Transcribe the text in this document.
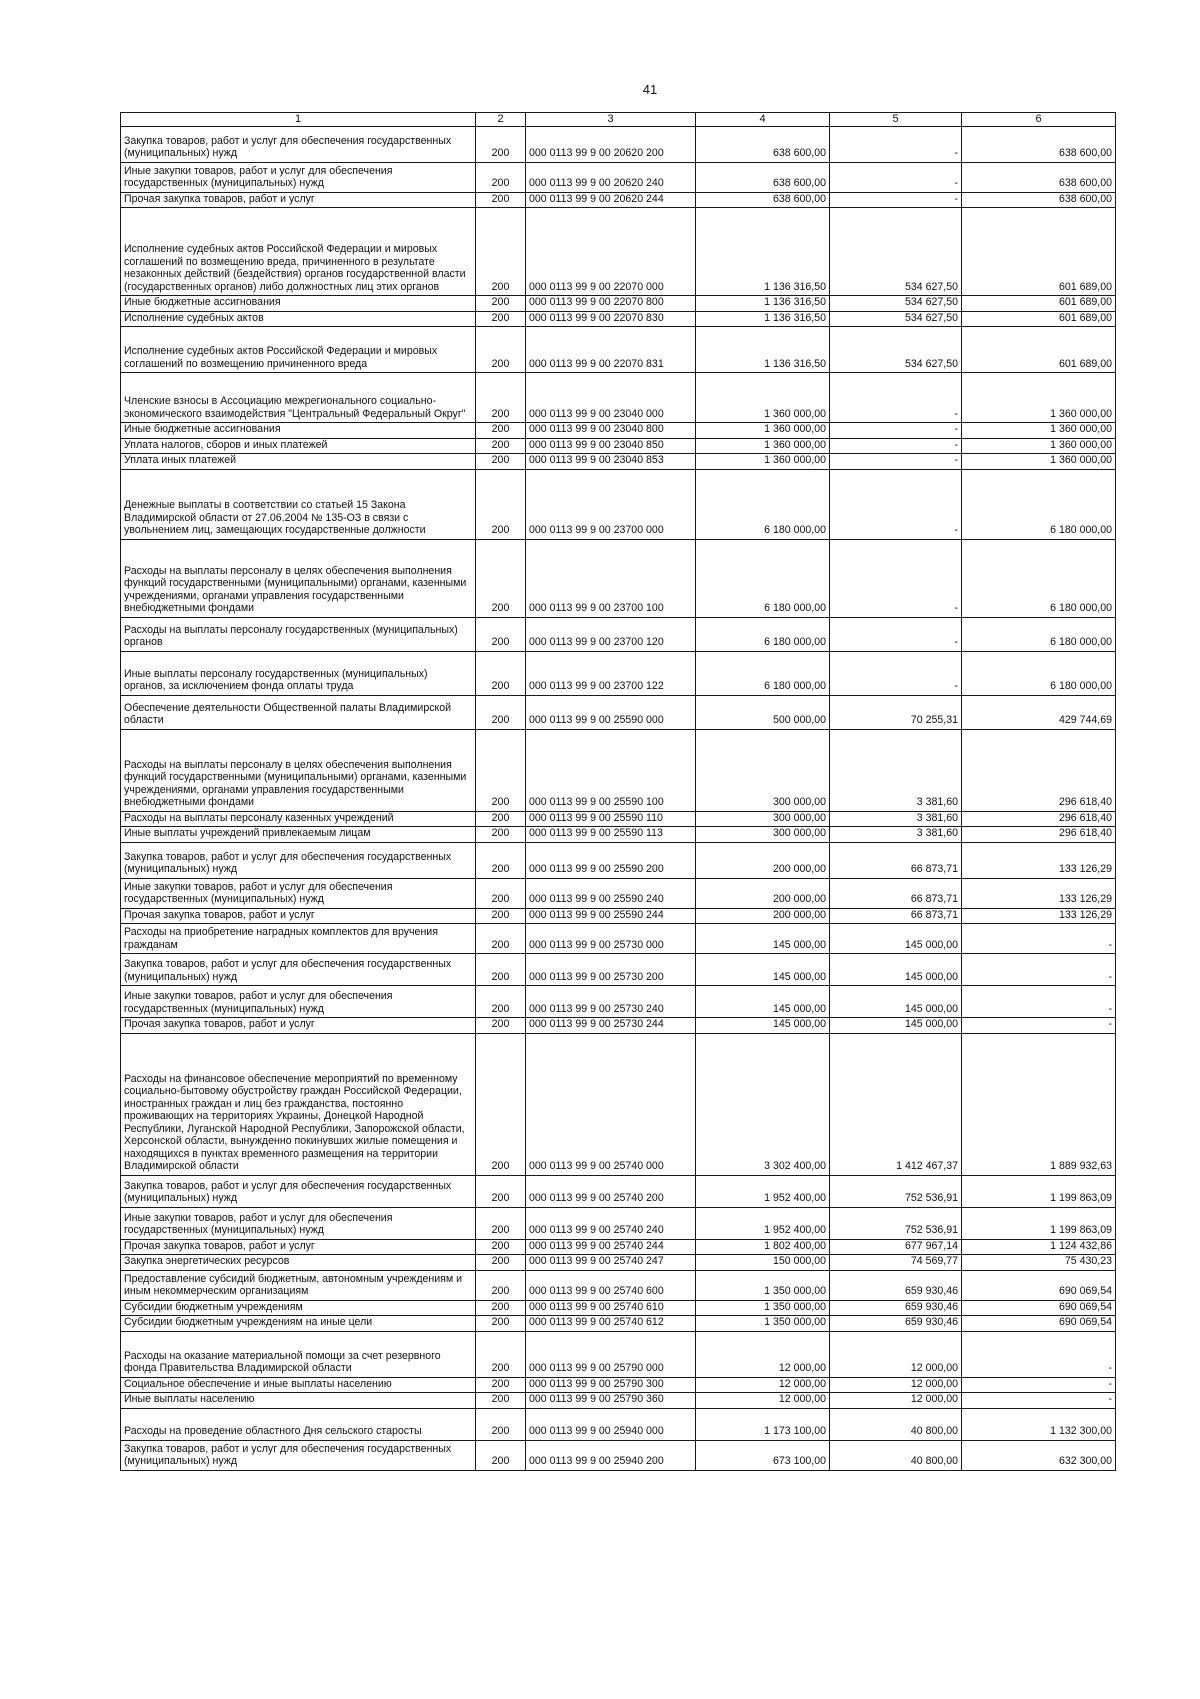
41
1	2	3	4	5	6
Закупка товаров, работ и услуг для обеспечения государственных (муниципальных) нужд	200	000 0113 99 9 00 20620 200	638 600,00	-	638 600,00
Иные закупки товаров, работ и услуг для обеспечения государственных (муниципальных) нужд	200	000 0113 99 9 00 20620 240	638 600,00	-	638 600,00
Прочая закупка товаров, работ и услуг	200	000 0113 99 9 00 20620 244	638 600,00	-	638 600,00
Исполнение судебных актов Российской Федерации и мировых соглашений по возмещению вреда, причиненного в результате незаконных действий (бездействия) органов государственной власти (государственных органов) либо должностных лиц этих органов	200	000 0113 99 9 00 22070 000	1 136 316,50	534 627,50	601 689,00
Иные бюджетные ассигнования	200	000 0113 99 9 00 22070 800	1 136 316,50	534 627,50	601 689,00
Исполнение судебных актов	200	000 0113 99 9 00 22070 830	1 136 316,50	534 627,50	601 689,00
Исполнение судебных актов Российской Федерации и мировых соглашений по возмещению причиненного вреда	200	000 0113 99 9 00 22070 831	1 136 316,50	534 627,50	601 689,00
Членские взносы в Ассоциацию межрегионального социально-экономического взаимодействия "Центральный Федеральный Округ"	200	000 0113 99 9 00 23040 000	1 360 000,00	-	1 360 000,00
Иные бюджетные ассигнования	200	000 0113 99 9 00 23040 800	1 360 000,00	-	1 360 000,00
Уплата налогов, сборов и иных платежей	200	000 0113 99 9 00 23040 850	1 360 000,00	-	1 360 000,00
Уплата иных платежей	200	000 0113 99 9 00 23040 853	1 360 000,00	-	1 360 000,00
Денежные выплаты в соответствии со статьей 15 Закона Владимирской области от 27.06.2004 № 135-ОЗ в связи с увольнением лиц, замещающих государственные должности	200	000 0113 99 9 00 23700 000	6 180 000,00	-	6 180 000,00
Расходы на выплаты персоналу в целях обеспечения выполнения функций государственными (муниципальными) органами, казенными учреждениями, органами управления государственными внебюджетными фондами	200	000 0113 99 9 00 23700 100	6 180 000,00	-	6 180 000,00
Расходы на выплаты персоналу государственных (муниципальных) органов	200	000 0113 99 9 00 23700 120	6 180 000,00	-	6 180 000,00
Иные выплаты персоналу государственных (муниципальных) органов, за исключением фонда оплаты труда	200	000 0113 99 9 00 23700 122	6 180 000,00	-	6 180 000,00
Обеспечение деятельности Общественной палаты Владимирской области	200	000 0113 99 9 00 25590 000	500 000,00	70 255,31	429 744,69
Расходы на выплаты персоналу в целях обеспечения выполнения функций государственными (муниципальными) органами, казенными учреждениями, органами управления государственными внебюджетными фондами	200	000 0113 99 9 00 25590 100	300 000,00	3 381,60	296 618,40
Расходы на выплаты персоналу казенных учреждений	200	000 0113 99 9 00 25590 110	300 000,00	3 381,60	296 618,40
Иные выплаты учреждений привлекаемым лицам	200	000 0113 99 9 00 25590 113	300 000,00	3 381,60	296 618,40
Закупка товаров, работ и услуг для обеспечения государственных (муниципальных) нужд	200	000 0113 99 9 00 25590 200	200 000,00	66 873,71	133 126,29
Иные закупки товаров, работ и услуг для обеспечения государственных (муниципальных) нужд	200	000 0113 99 9 00 25590 240	200 000,00	66 873,71	133 126,29
Прочая закупка товаров, работ и услуг	200	000 0113 99 9 00 25590 244	200 000,00	66 873,71	133 126,29
Расходы на приобретение наградных комплектов для вручения гражданам	200	000 0113 99 9 00 25730 000	145 000,00	145 000,00	-
Закупка товаров, работ и услуг для обеспечения государственных (муниципальных) нужд	200	000 0113 99 9 00 25730 200	145 000,00	145 000,00	-
Иные закупки товаров, работ и услуг для обеспечения государственных (муниципальных) нужд	200	000 0113 99 9 00 25730 240	145 000,00	145 000,00	-
Прочая закупка товаров, работ и услуг	200	000 0113 99 9 00 25730 244	145 000,00	145 000,00	-
Расходы на финансовое обеспечение мероприятий по временному социально-бытовому обустройству граждан Российской Федерации, иностранных граждан и лиц без гражданства, постоянно проживающих на территориях Украины, Донецкой Народной Республики, Луганской Народной Республики, Запорожской области, Херсонской области, вынужденно покинувших жилые помещения и находящихся в пунктах временного размещения на территории Владимирской области	200	000 0113 99 9 00 25740 000	3 302 400,00	1 412 467,37	1 889 932,63
Закупка товаров, работ и услуг для обеспечения государственных (муниципальных) нужд	200	000 0113 99 9 00 25740 200	1 952 400,00	752 536,91	1 199 863,09
Иные закупки товаров, работ и услуг для обеспечения государственных (муниципальных) нужд	200	000 0113 99 9 00 25740 240	1 952 400,00	752 536,91	1 199 863,09
Прочая закупка товаров, работ и услуг	200	000 0113 99 9 00 25740 244	1 802 400,00	677 967,14	1 124 432,86
Закупка энергетических ресурсов	200	000 0113 99 9 00 25740 247	150 000,00	74 569,77	75 430,23
Предоставление субсидий бюджетным, автономным учреждениям и иным некоммерческим организациям	200	000 0113 99 9 00 25740 600	1 350 000,00	659 930,46	690 069,54
Субсидии бюджетным учреждениям	200	000 0113 99 9 00 25740 610	1 350 000,00	659 930,46	690 069,54
Субсидии бюджетным учреждениям на иные цели	200	000 0113 99 9 00 25740 612	1 350 000,00	659 930,46	690 069,54
Расходы на оказание материальной помощи за счет резервного фонда Правительства Владимирской области	200	000 0113 99 9 00 25790 000	12 000,00	12 000,00	-
Социальное обеспечение и иные выплаты населению	200	000 0113 99 9 00 25790 300	12 000,00	12 000,00	-
Иные выплаты населению	200	000 0113 99 9 00 25790 360	12 000,00	12 000,00	-
Расходы на проведение областного Дня сельского старосты	200	000 0113 99 9 00 25940 000	1 173 100,00	40 800,00	1 132 300,00
Закупка товаров, работ и услуг для обеспечения государственных (муниципальных) нужд	200	000 0113 99 9 00 25940 200	673 100,00	40 800,00	632 300,00
